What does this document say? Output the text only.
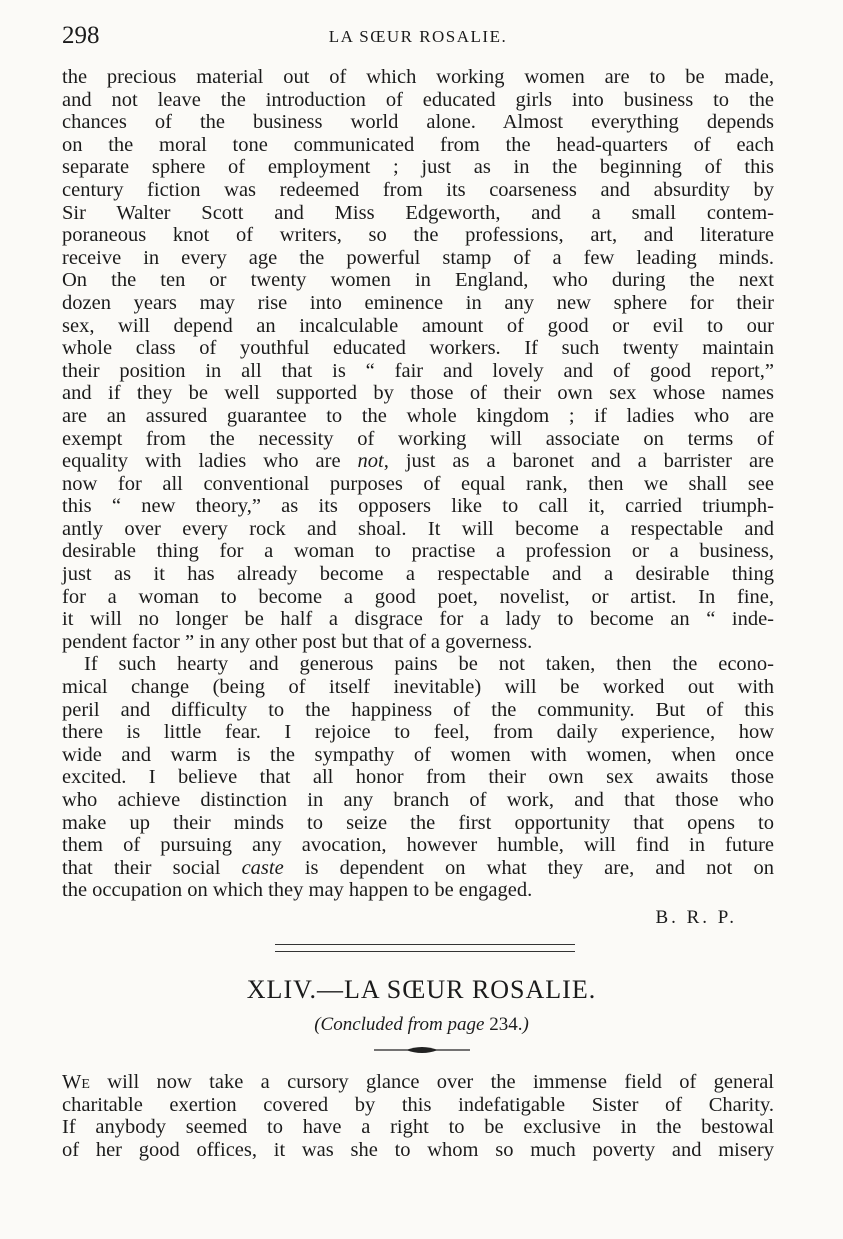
298	LA SŒUR ROSALIE.
the precious material out of which working women are to be made,
and not leave the introduction of educated girls into business to the
chances of the business world alone. Almost everything depends
on the moral tone communicated from the head-quarters of each
separate sphere of employment ; just as in the beginning of this
century fiction was redeemed from its coarseness and absurdity by
Sir Walter Scott and Miss Edgeworth, and a small contem-
poraneous knot of writers, so the professions, art, and literature
receive in every age the powerful stamp of a few leading minds.
On the ten or twenty women in England, who during the next
dozen years may rise into eminence in any new sphere for their
sex, will depend an incalculable amount of good or evil to our
whole class of youthful educated workers. If such twenty maintain
their position in all that is “ fair and lovely and of good report,”
and if they be well supported by those of their own sex whose names
are an assured guarantee to the whole kingdom ; if ladies who are
exempt from the necessity of working will associate on terms of
equality with ladies who are not, just as a baronet and a barrister are
now for all conventional purposes of equal rank, then we shall see
this “ new theory,” as its opposers like to call it, carried triumph-
antly over every rock and shoal. It will become a respectable and
desirable thing for a woman to practise a profession or a business,
just as it has already become a respectable and a desirable thing
for a woman to become a good poet, novelist, or artist. In fine,
it will no longer be half a disgrace for a lady to become an “ inde-
pendent factor ” in any other post but that of a governess.
If such hearty and generous pains be not taken, then the econo-
mical change (being of itself inevitable) will be worked out with
peril and difficulty to the happiness of the community. But of this
there is little fear. I rejoice to feel, from daily experience, how
wide and warm is the sympathy of women with women, when once
excited. I believe that all honor from their own sex awaits those
who achieve distinction in any branch of work, and that those who
make up their minds to seize the first opportunity that opens to
them of pursuing any avocation, however humble, will find in future
that their social caste is dependent on what they are, and not on
the occupation on which they may happen to be engaged.
B. R. P.
XLIV.—LA SŒUR ROSALIE.
(Concluded from page 234.)
We will now take a cursory glance over the immense field of general
charitable exertion covered by this indefatigable Sister of Charity.
If anybody seemed to have a right to be exclusive in the bestowal
of her good offices, it was she to whom so much poverty and misery
